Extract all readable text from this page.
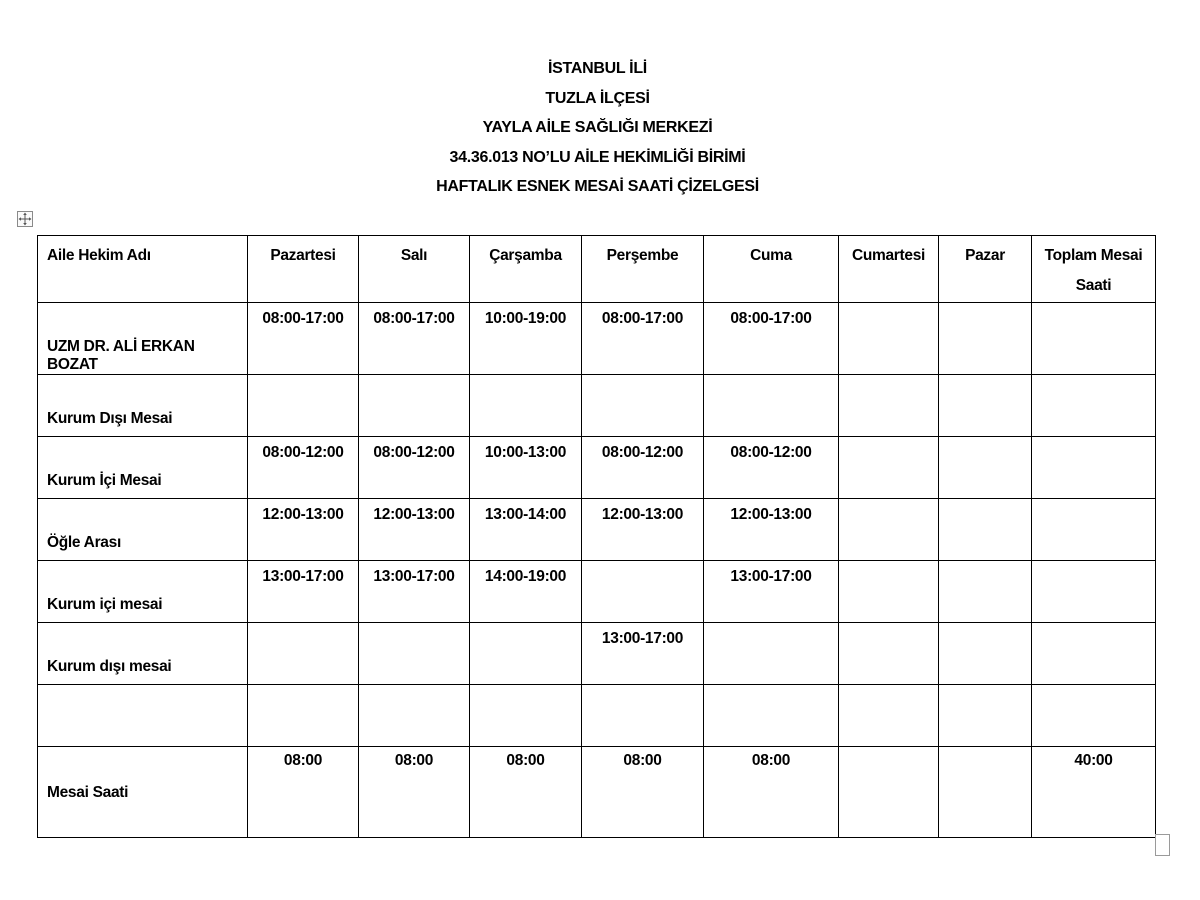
İSTANBUL İLİ
TUZLA İLÇESİ
YAYLA AİLE SAĞLIĞI MERKEZİ
34.36.013 NO’LU AİLE HEKİMLİĞİ BİRİMİ
HAFTALIK ESNEK MESAİ SAATİ ÇİZELGESİ
Aile Hekim Adı	Pazartesi	Salı	Çarşamba	Perşembe	Cuma	Cumartesi	Pazar	Toplam Mesai Saati

UZM DR. ALİ ERKAN BOZAT	08:00-17:00	08:00-17:00	10:00-19:00	08:00-17:00	08:00-17:00			

Kurum Dışı Mesai								

Kurum İçi Mesai	08:00-12:00	08:00-12:00	10:00-13:00	08:00-12:00	08:00-12:00			

Öğle Arası	12:00-13:00	12:00-13:00	13:00-14:00	12:00-13:00	12:00-13:00			

Kurum içi mesai	13:00-17:00	13:00-17:00	14:00-19:00		13:00-17:00			

Kurum dışı mesai				13:00-17:00				

Mesai Saati	08:00	08:00	08:00	08:00	08:00			40:00
